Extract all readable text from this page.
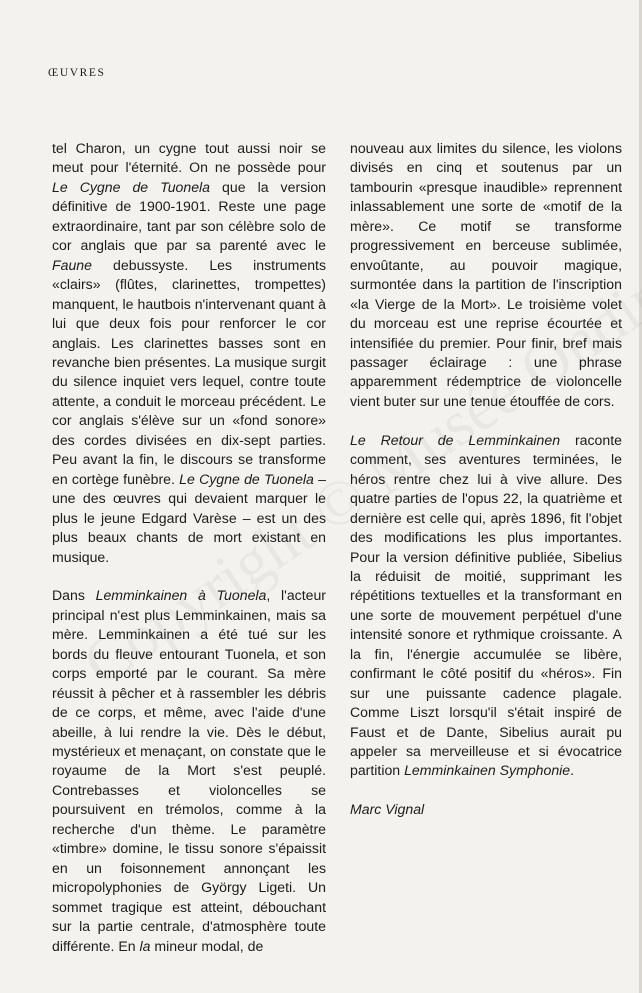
ŒUVRES

tel Charon, un cygne tout aussi noir se meut pour l'éternité. On ne possède pour Le Cygne de Tuonela que la version définitive de 1900-1901. Reste une page extraordinaire, tant par son célèbre solo de cor anglais que par sa parenté avec le Faune debussyste. Les instruments «clairs» (flûtes, clarinettes, trompettes) manquent, le hautbois n'intervenant quant à lui que deux fois pour renforcer le cor anglais. Les clarinettes basses sont en revanche bien présentes. La musique surgit du silence inquiet vers lequel, contre toute attente, a conduit le morceau précédent. Le cor anglais s'élève sur un «fond sonore» des cordes divisées en dix-sept parties. Peu avant la fin, le discours se transforme en cortège funèbre. Le Cygne de Tuonela – une des œuvres qui devaient marquer le plus le jeune Edgard Varèse – est un des plus beaux chants de mort existant en musique.

Dans Lemminkainen à Tuonela, l'acteur principal n'est plus Lemminkainen, mais sa mère. Lemminkainen a été tué sur les bords du fleuve entourant Tuonela, et son corps emporté par le courant. Sa mère réussit à pêcher et à rassembler les débris de ce corps, et même, avec l'aide d'une abeille, à lui rendre la vie. Dès le début, mystérieux et menaçant, on constate que le royaume de la Mort s'est peuplé. Contrebasses et violoncelles se poursuivent en trémolos, comme à la recherche d'un thème. Le paramètre «timbre» domine, le tissu sonore s'épaissit en un foisonnement annonçant les micropolyphonies de György Ligeti. Un sommet tragique est atteint, débouchant sur la partie centrale, d'atmosphère toute différente. En la mineur modal, de

nouveau aux limites du silence, les violons divisés en cinq et soutenus par un tambourin «presque inaudible» reprennent inlassablement une sorte de «motif de la mère». Ce motif se transforme progressivement en berceuse sublimée, envoûtante, au pouvoir magique, surmontée dans la partition de l'inscription «la Vierge de la Mort». Le troisième volet du morceau est une reprise écourtée et intensifiée du premier. Pour finir, bref mais passager éclairage : une phrase apparemment rédemptrice de violoncelle vient buter sur une tenue étouffée de cors.

Le Retour de Lemminkainen raconte comment, ses aventures terminées, le héros rentre chez lui à vive allure. Des quatre parties de l'opus 22, la quatrième et dernière est celle qui, après 1896, fit l'objet des modifications les plus importantes. Pour la version définitive publiée, Sibelius la réduisit de moitié, supprimant les répétitions textuelles et la transformant en une sorte de mouvement perpétuel d'une intensité sonore et rythmique croissante. A la fin, l'énergie accumulée se libère, confirmant le côté positif du «héros». Fin sur une puissante cadence plagale. Comme Liszt lorsqu'il s'était inspiré de Faust et de Dante, Sibelius aurait pu appeler sa merveilleuse et si évocatrice partition Lemminkainen Symphonie.

Marc Vignal
